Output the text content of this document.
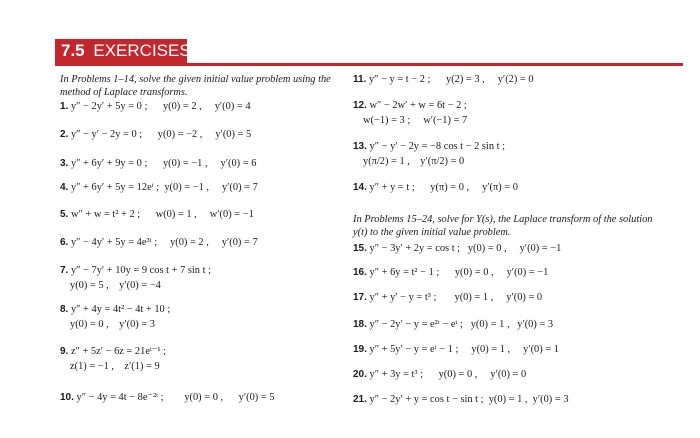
7.5 EXERCISES
In Problems 1–14, solve the given initial value problem using the method of Laplace transforms.
1. y″ − 2y′ + 5y = 0 ;      y(0) = 2 ,     y′(0) = 4
2. y″ − y′ − 2y = 0 ;      y(0) = −2 ,     y′(0) = 5
3. y″ + 6y′ + 9y = 0 ;      y(0) = −1 ,     y′(0) = 6
4. y″ + 6y′ + 5y = 12eᵗ ;  y(0) = −1 ,     y′(0) = 7
5. w″ + w = t² + 2 ;      w(0) = 1 ,     w′(0) = −1
6. y″ − 4y′ + 5y = 4e³ᵗ ;     y(0) = 2 ,     y′(0) = 7
7. y″ − 7y′ + 10y = 9 cos t + 7 sin t ;
y(0) = 5 ,    y′(0) = −4
8. y″ + 4y = 4t² − 4t + 10 ;
y(0) = 0 ,    y′(0) = 3
9. z″ + 5z′ − 6z = 21eᵗ⁻¹ ;
z(1) = −1 ,    z′(1) = 9
10. y″ − 4y = 4t − 8e⁻²ᵗ ;        y(0) = 0 ,      y′(0) = 5
In Problems 15–24, solve for Y(s), the Laplace transform of the solution y(t) to the given initial value problem.
11. y″ − y = t − 2 ;      y(2) = 3 ,     y′(2) = 0
12. w″ − 2w′ + w = 6t − 2 ;
w(−1) = 3 ;     w′(−1) = 7
13. y″ − y′ − 2y = −8 cos t − 2 sin t ;
y(π/2) = 1 ,    y′(π/2) = 0
14. y″ + y = t ;      y(π) = 0 ,     y′(π) = 0
15. y″ − 3y′ + 2y = cos t ;   y(0) = 0 ,     y′(0) = −1
16. y″ + 6y = t² − 1 ;      y(0) = 0 ,     y′(0) = −1
17. y″ + y′ − y = t³ ;       y(0) = 1 ,     y′(0) = 0
18. y″ − 2y′ − y = e²ᵗ − eᵗ ;   y(0) = 1 ,   y′(0) = 3
19. y″ + 5y′ − y = eᵗ − 1 ;     y(0) = 1 ,     y′(0) = 1
20. y″ + 3y = t³ ;      y(0) = 0 ,     y′(0) = 0
21. y″ − 2y′ + y = cos t − sin t ;  y(0) = 1 ,  y′(0) = 3
